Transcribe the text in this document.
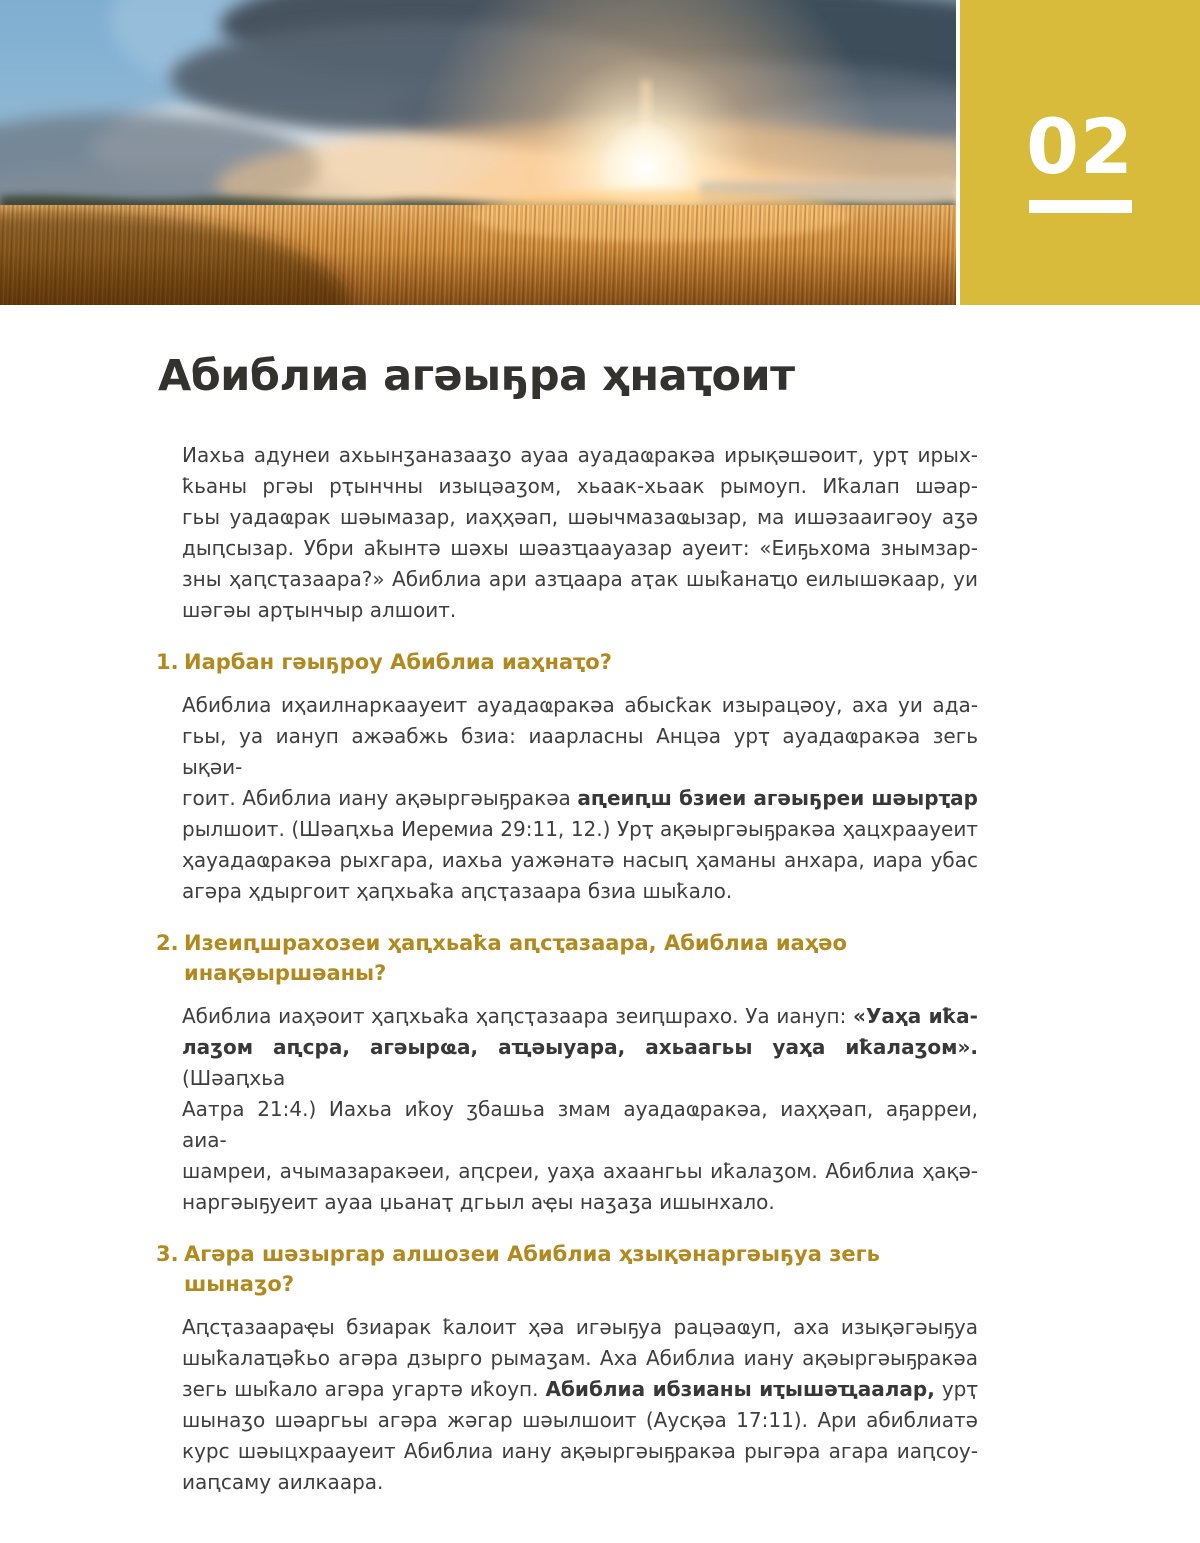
02
Абиблиа агәыҕра ҳнаҭоит
Иахьа адунеи ахьынӡаназааӡо ауаа ауадаҩракәа ирықәшәоит, урҭ ирых-
ҟьаны ргәы рҭынчны изыцәаӡом, хьаак-хьаак рымоуп. Иҟалап шәар-
гьы уадаҩрак шәымазар, иаҳҳәап, шәычмазаҩызар, ма ишәзааигәоу аӡә
дыԥсызар. Убри аҟынтә шәхы шәазҵаауазар ауеит: «Еиҕьхома знымзар-
зны ҳаԥсҭазаара?» Абиблиа ари азҵаара аҭак шыҟанаҵо еилышәкаар, уи
шәгәы арҭынчыр алшоит.
1. Иарбан гәыҕроу Абиблиа иаҳнаҭо?
Абиблиа иҳаилнаркаауеит ауадаҩракәа абысҟак изырацәоу, аха уи ада-
гьы, уа иануп ажәабжь бзиа: иаарласны Анцәа урҭ ауадаҩракәа зегь ықәи-
гоит. Абиблиа иану ақәыргәыҕракәа аԥеиԥш бзиеи агәыҕреи шәырҭар
рылшоит. (Шәаԥхьа Иеремиа 29:11, 12.) Урҭ ақәыргәыҕракәа ҳацхраауеит
ҳауадаҩракәа рыхгара, иахьа уажәнатә насыԥ ҳаманы анхара, иара убас
агәра ҳдыргоит ҳаԥхьаҟа аԥсҭазаара бзиа шыҟало.
2. Изеиԥшрахозеи ҳаԥхьаҟа аԥсҭазаара, Абиблиа иаҳәо
инақәыршәаны?
Абиблиа иаҳәоит ҳаԥхьаҟа ҳаԥсҭазаара зеиԥшрахо. Уа иануп: «Уаҳа иҟа-
лаӡом аԥсра, агәырҩа, аҵәыуара, ахьаагьы уаҳа иҟалаӡом». (Шәаԥхьа
Аатра 21:4.) Иахьа иҟоу ӡбашьа змам ауадаҩракәа, иаҳҳәап, аҕарреи, аиа-
шамреи, ачымазаракәеи, аԥсреи, уаҳа ахаангьы иҟалаӡом. Абиблиа ҳақә-
наргәыҕуеит ауаа џьанаҭ дгьыл аҿы наӡаӡа ишынхало.
3. Агәра шәзыргар алшозеи Абиблиа ҳзықәнаргәыҕуа зегь шынаӡо?
Аԥсҭазаараҿы бзиарак ҟалоит ҳәа игәыҕуа рацәаҩуп, аха изықәгәыҕуа
шыҟалаҵәҟьо агәра дзырго рымаӡам. Аха Абиблиа иану ақәыргәыҕракәа
зегь шыҟало агәра угартә иҟоуп. Абиблиа ибзианы иҭышәҵаалар, урҭ
шынаӡо шәаргьы агәра жәгар шәылшоит (Аусқәа 17:11). Ари абиблиатә
курс шәыцхраауеит Абиблиа иану ақәыргәыҕракәа рыгәра агара иаԥсоу-
иаԥсаму аилкаара.
